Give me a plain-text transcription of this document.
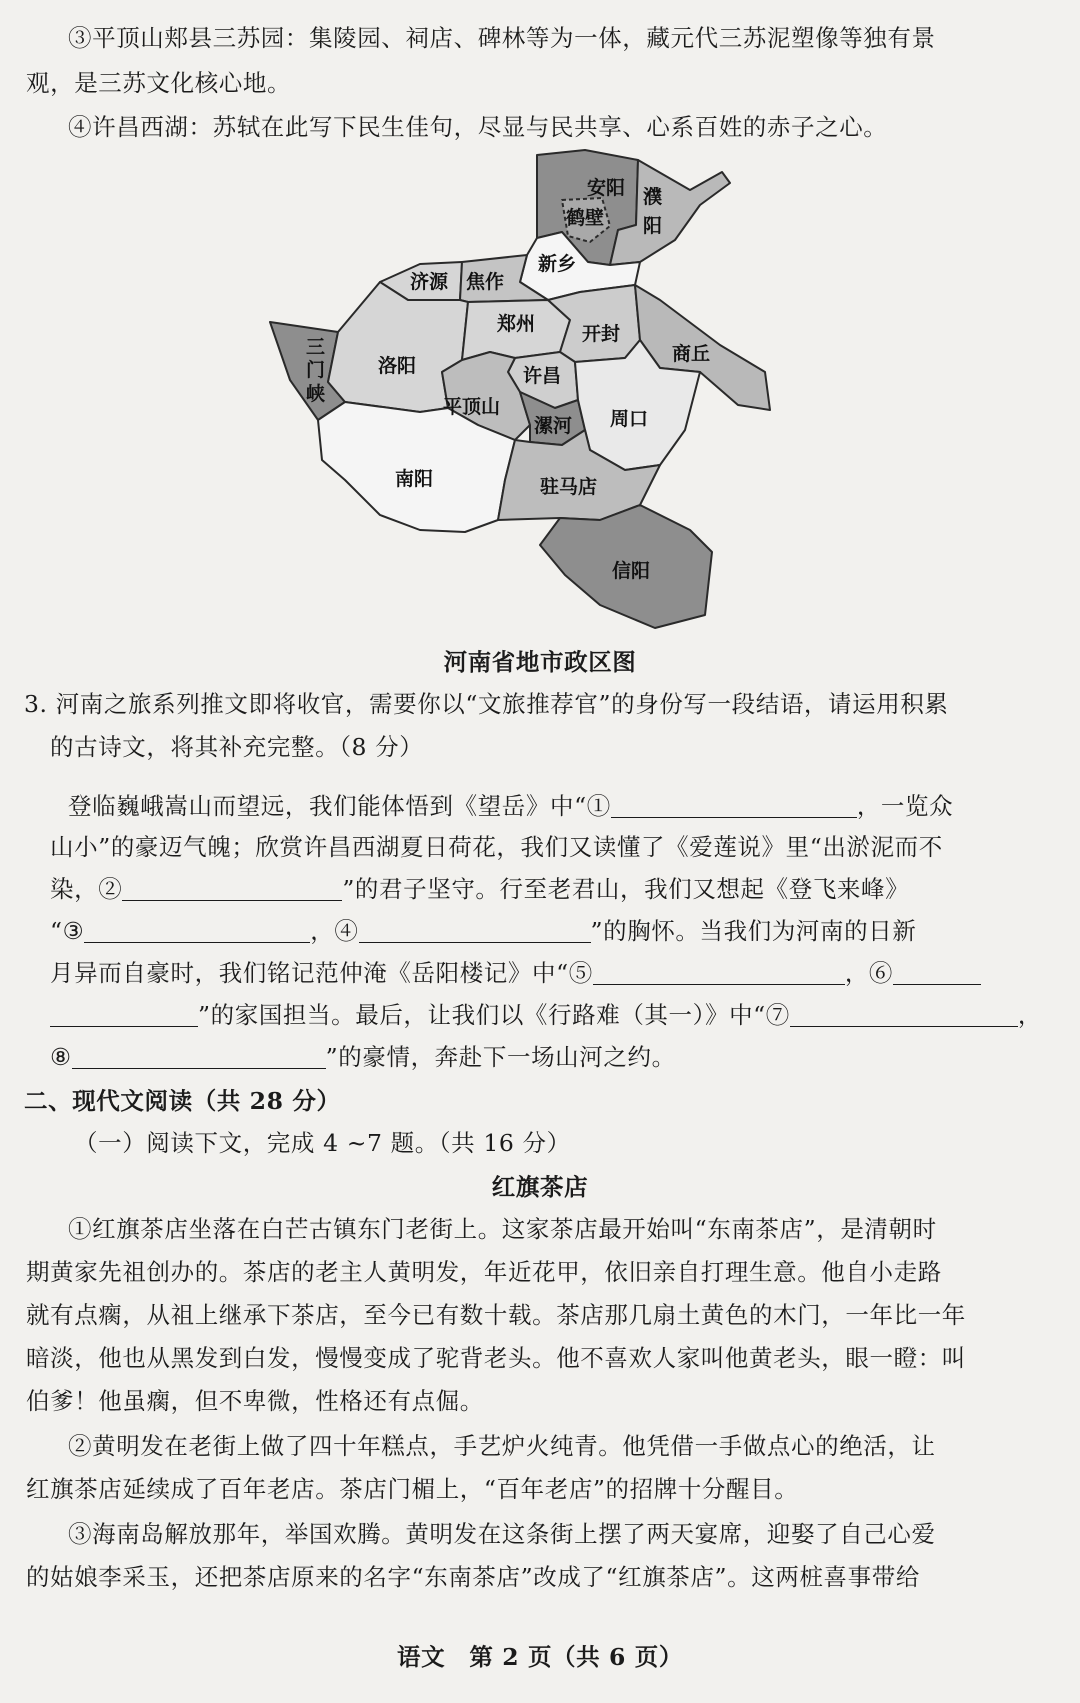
③平顶山郏县三苏园：集陵园、祠店、碑林等为一体，藏元代三苏泥塑像等独有景
观，是三苏文化核心地。
④许昌西湖：苏轼在此写下民生佳句，尽显与民共享、心系百姓的赤子之心。
安阳
鹤壁
濮
阳
新乡
济源 焦作
郑州 开封
商丘
三
门
峡
洛阳	许昌
平顶山
漯河 周口
南阳	驻马店
信阳
河南省地市政区图
3. 河南之旅系列推文即将收官，需要你以“文旅推荐官”的身份写一段结语，请运用积累
的古诗文，将其补充完整。（8 分）
登临巍峨嵩山而望远，我们能体悟到《望岳》中“①	，一览众
山小”的豪迈气魄；欣赏许昌西湖夏日荷花，我们又读懂了《爱莲说》里“出淤泥而不
染，②	”的君子坚守。行至老君山，我们又想起《登飞来峰》
“③	，④	”的胸怀。当我们为河南的日新
月异而自豪时，我们铭记范仲淹《岳阳楼记》中“⑤	，⑥
”的家国担当。最后，让我们以《行路难（其一）》中“⑦	，
⑧	”的豪情，奔赴下一场山河之约。
二、现代文阅读（共 28 分）
（一）阅读下文，完成 4 ~7 题。（共 16 分）
红旗茶店
①红旗茶店坐落在白芒古镇东门老街上。这家茶店最开始叫“东南茶店”，是清朝时
期黄家先祖创办的。茶店的老主人黄明发，年近花甲，依旧亲自打理生意。他自小走路
就有点瘸，从祖上继承下茶店，至今已有数十载。茶店那几扇土黄色的木门，一年比一年
暗淡，他也从黑发到白发，慢慢变成了驼背老头。他不喜欢人家叫他黄老头，眼一瞪：叫
伯爹！他虽瘸，但不卑微，性格还有点倔。
②黄明发在老街上做了四十年糕点，手艺炉火纯青。他凭借一手做点心的绝活，让
红旗茶店延续成了百年老店。茶店门楣上，“百年老店”的招牌十分醒目。
③海南岛解放那年，举国欢腾。黄明发在这条街上摆了两天宴席，迎娶了自己心爱
的姑娘李采玉，还把茶店原来的名字“东南茶店”改成了“红旗茶店”。这两桩喜事带给
语文　第 2 页（共 6 页）
